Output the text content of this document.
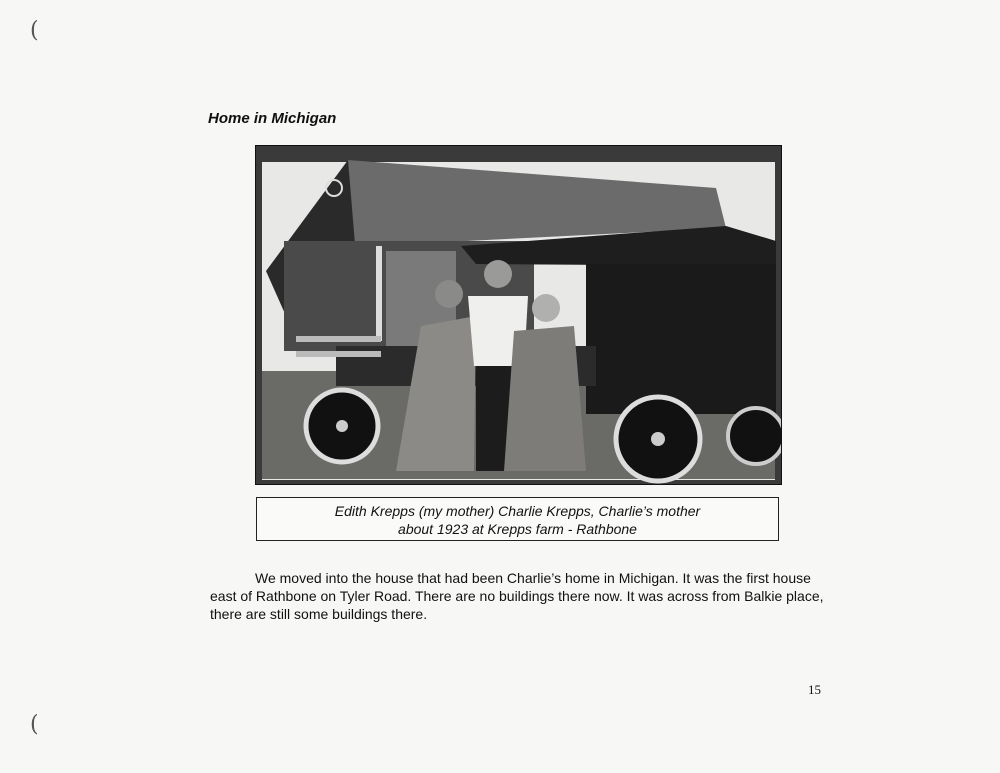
(
(
Home in Michigan
Edith Krepps (my mother) Charlie Krepps, Charlie’s mother
about 1923 at Krepps farm - Rathbone

We moved into the house that had been Charlie’s home in Michigan. It was the first house east of Rathbone on Tyler Road. There are no buildings there now. It was across from Balkie place, there are still some buildings there.

15
